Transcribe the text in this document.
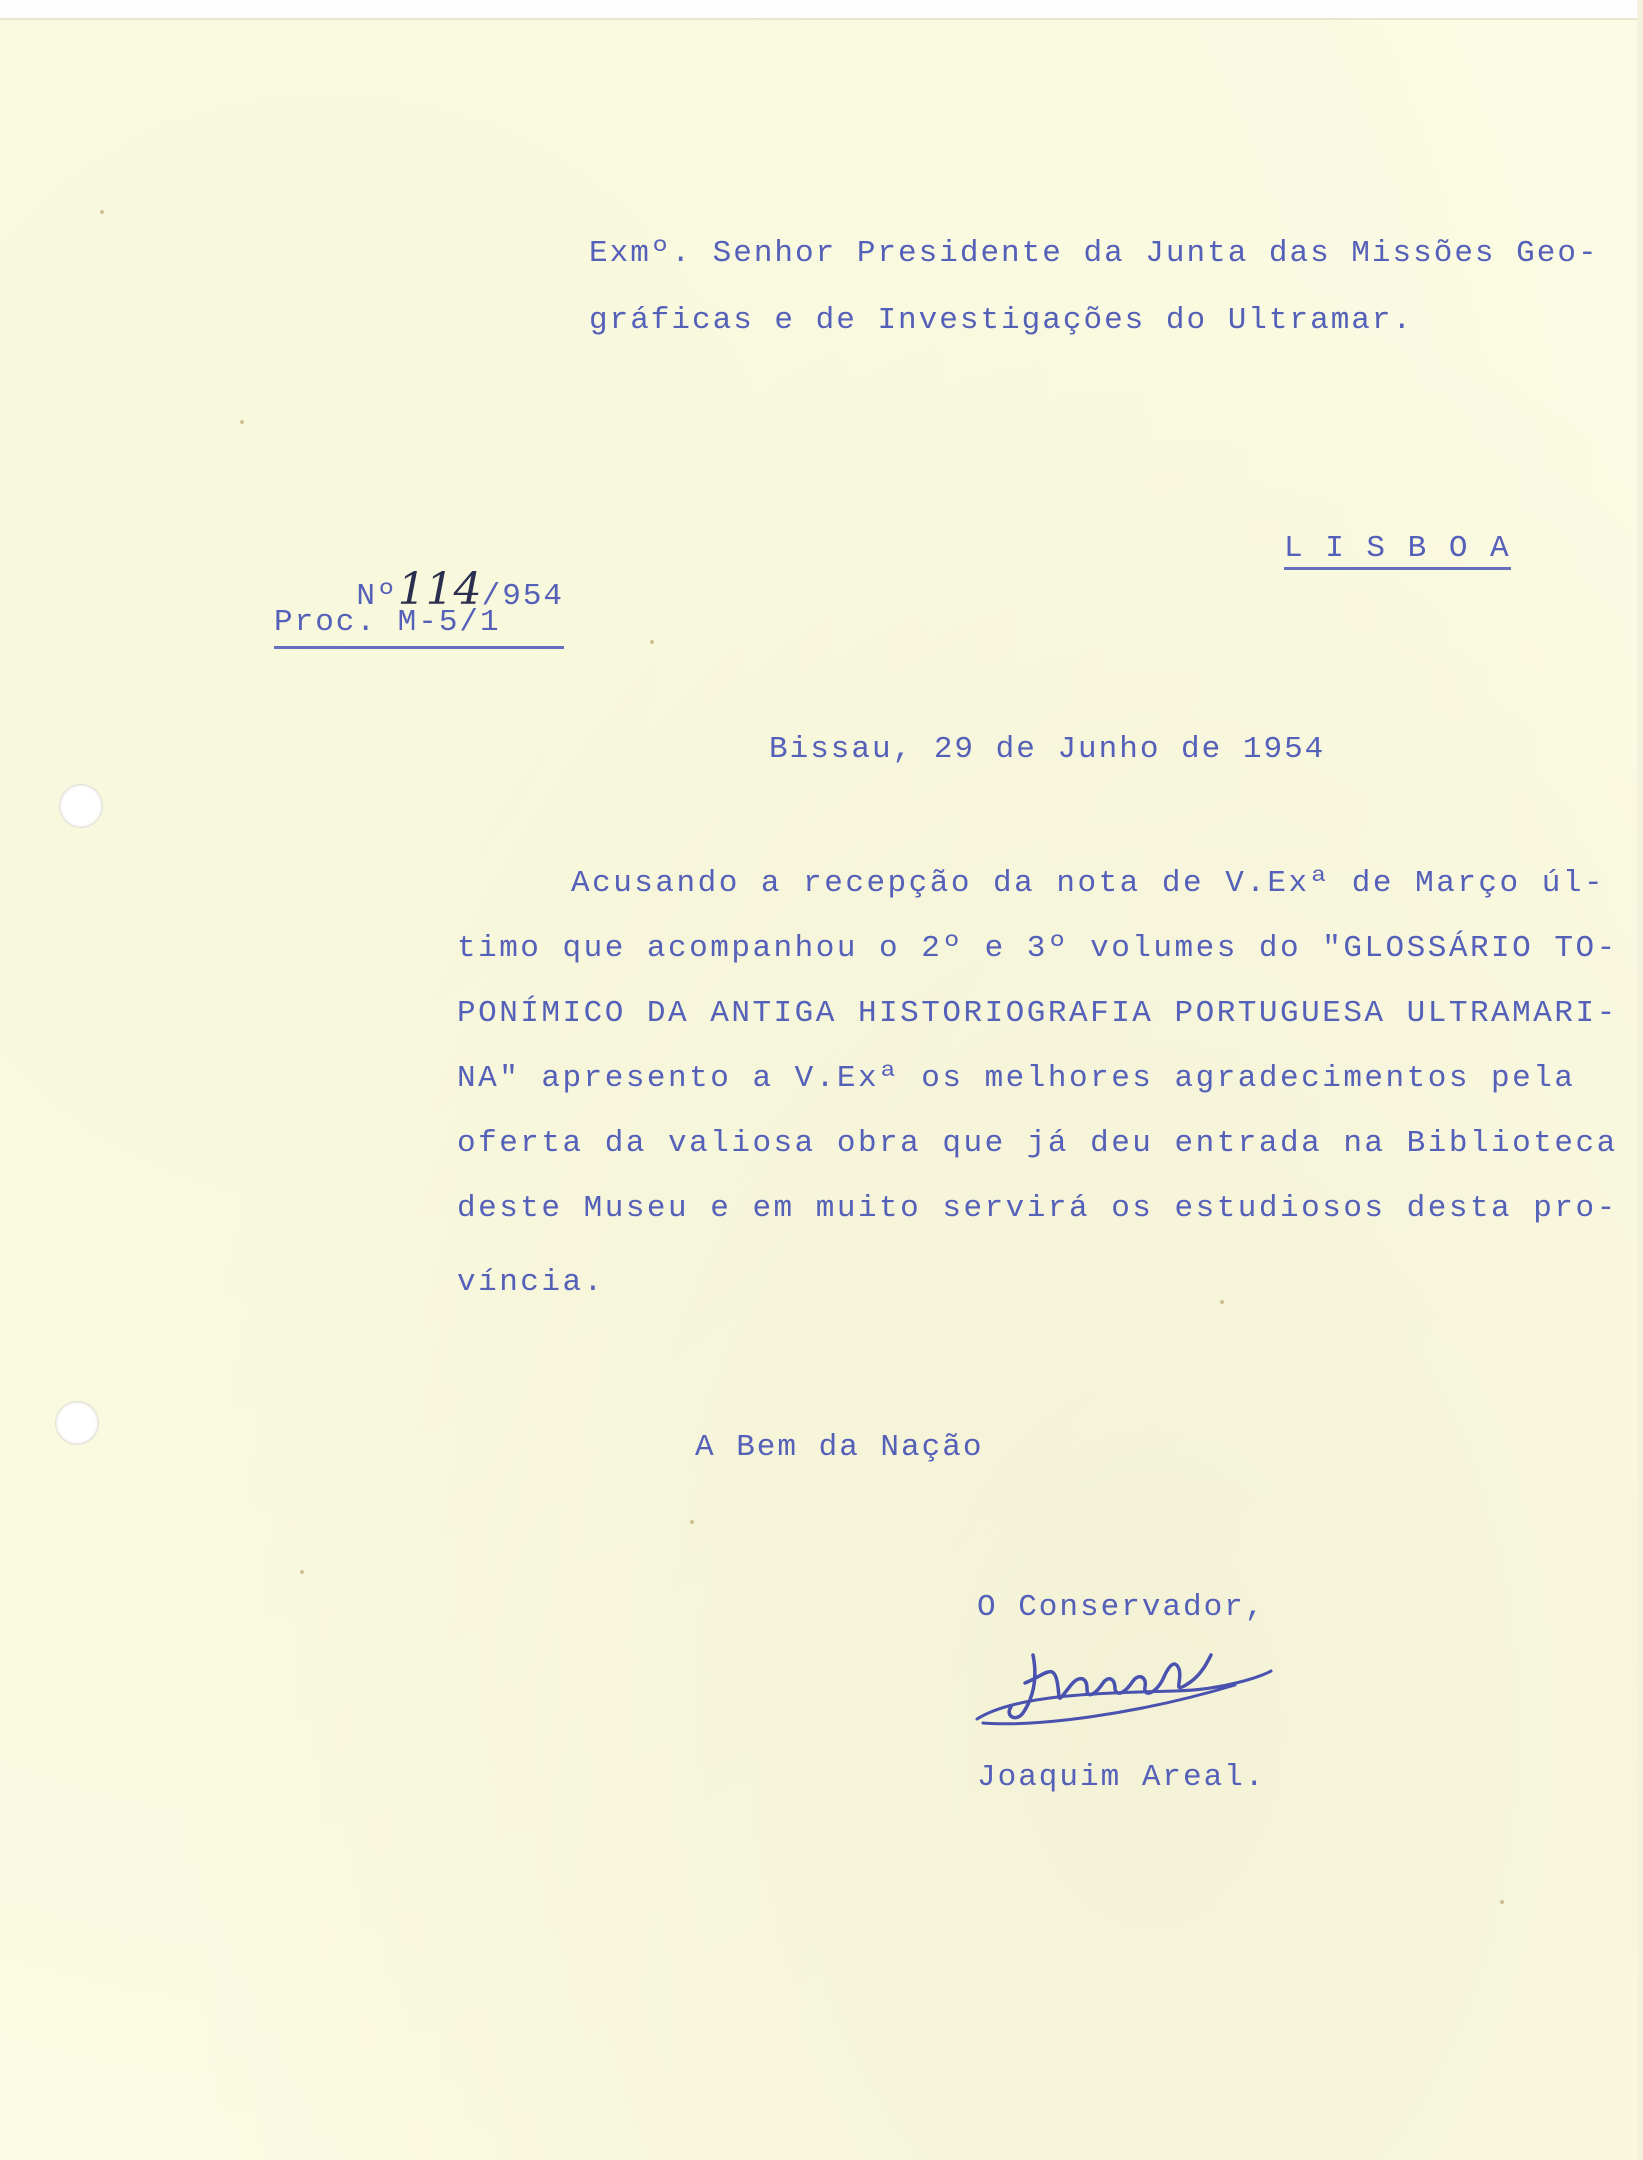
Exmº. Senhor Presidente da Junta das Missões Geo-
gráficas e de Investigações do Ultramar.

Nº114/954

Proc. M-5/1
L I S B O A
Bissau, 29 de Junho de 1954
Acusando a recepção da nota de V.Exª de Março úl-
timo que acompanhou o 2º e 3º volumes do "GLOSSÁRIO TO-
PONÍMICO DA ANTIGA HISTORIOGRAFIA PORTUGUESA ULTRAMARI-
NA" apresento a V.Exª os melhores agradecimentos pela
oferta da valiosa obra que já deu entrada na Biblioteca
deste Museu e em muito servirá os estudiosos desta pro-
víncia.
A Bem da Nação
O Conservador,
Joaquim Areal.
